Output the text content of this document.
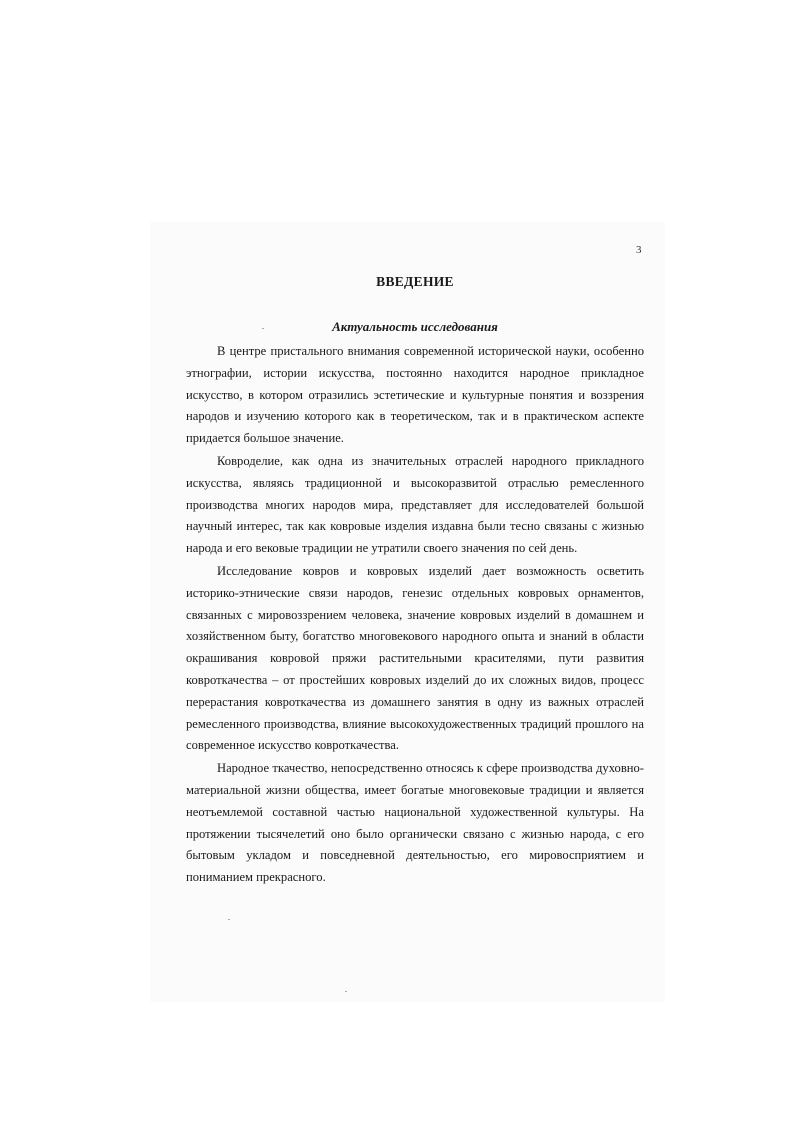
3
ВВЕДЕНИЕ
Актуальность исследования

В центре пристального внимания современной исторической науки, особенно этнографии, истории искусства, постоянно находится народное прикладное искусство, в котором отразились эстетические и культурные понятия и воззрения народов и изучению которого как в теоретическом, так и в практическом аспекте придается большое значение.

Ковроделие, как одна из значительных отраслей народного прикладного искусства, являясь традиционной и высокоразвитой отраслью ремесленного производства многих народов мира, представляет для исследователей большой научный интерес, так как ковровые изделия издавна были тесно связаны с жизнью народа и его вековые традиции не утратили своего значения по сей день.

Исследование ковров и ковровых изделий дает возможность осветить историко-этнические связи народов, генезис отдельных ковровых орнаментов, связанных с мировоззрением человека, значение ковровых изделий в домашнем и хозяйственном быту, богатство многовекового народного опыта и знаний в области окрашивания ковровой пряжи растительными красителями, пути развития ковроткачества – от простейших ковровых изделий до их сложных видов, процесс перерастания ковроткачества из домашнего занятия в одну из важных отраслей ремесленного производства, влияние высокохудожественных традиций прошлого на современное искусство ковроткачества.

Народное ткачество, непосредственно относясь к сфере производства духовно-материальной жизни общества, имеет богатые многовековые традиции и является неотъемлемой составной частью национальной художественной культуры. На протяжении тысячелетий оно было органически связано с жизнью народа, с его бытовым укладом и повседневной деятельностью, его мировосприятием и пониманием прекрасного.
